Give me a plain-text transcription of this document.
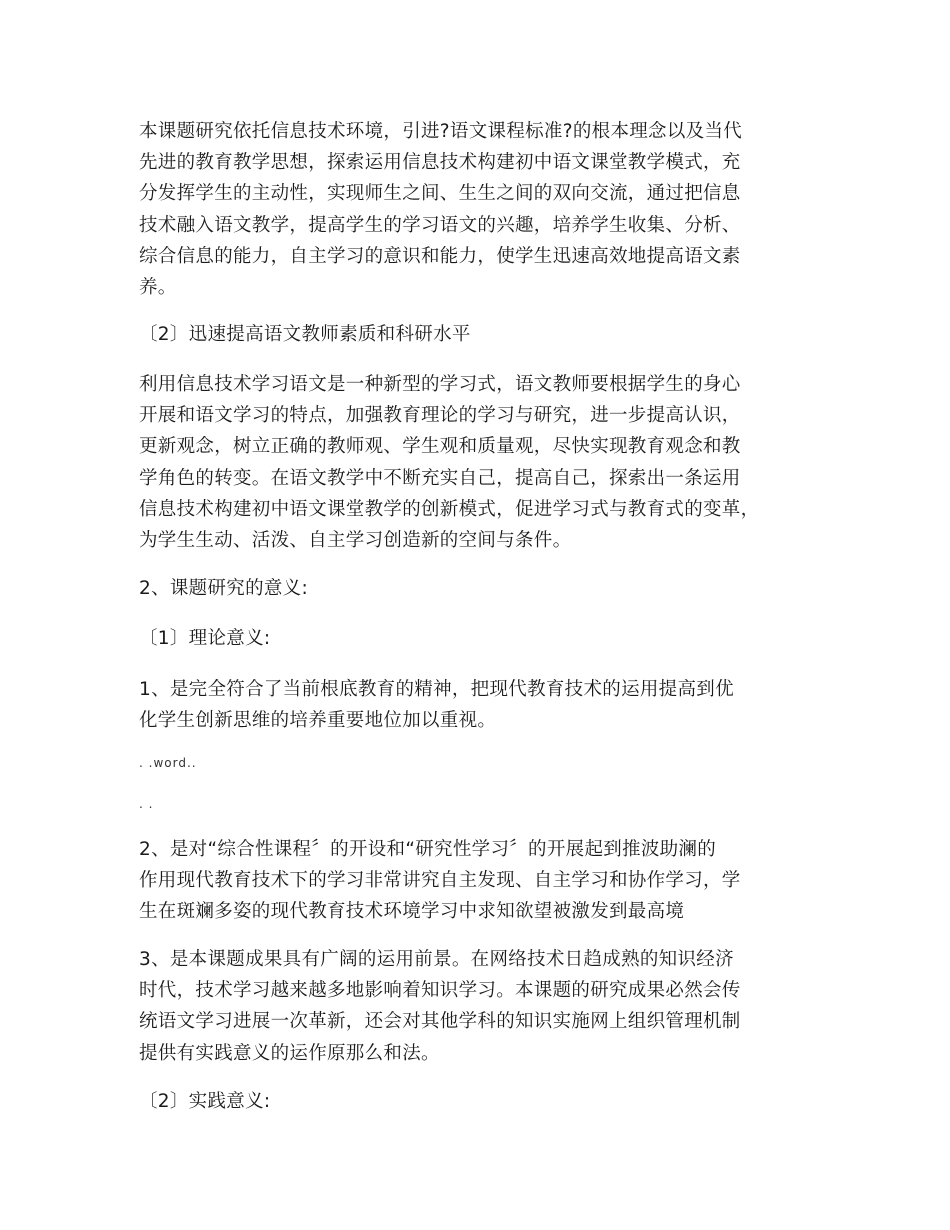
本课题研究依托信息技术环境，引进?语文课程标准?的根本理念以及当代
先进的教育教学思想，探索运用信息技术构建初中语文课堂教学模式，充
分发挥学生的主动性，实现师生之间、生生之间的双向交流，通过把信息
技术融入语文教学，提高学生的学习语文的兴趣，培养学生收集、分析、
综合信息的能力，自主学习的意识和能力，使学生迅速高效地提高语文素
养。

〔2〕迅速提高语文教师素质和科研水平

利用信息技术学习语文是一种新型的学习式，语文教师要根据学生的身心
开展和语文学习的特点，加强教育理论的学习与研究，进一步提高认识，
更新观念，树立正确的教师观、学生观和质量观，尽快实现教育观念和教
学角色的转变。在语文教学中不断充实自己，提高自己，探索出一条运用
信息技术构建初中语文课堂教学的创新模式，促进学习式与教育式的变革，
为学生生动、活泼、自主学习创造新的空间与条件。

2、课题研究的意义:

〔1〕理论意义:

1、是完全符合了当前根底教育的精神，把现代教育技术的运用提高到优
化学生创新思维的培养重要地位加以重视。

. .word..

. .

2、是对“综合性课程〞的开设和“研究性学习〞的开展起到推波助澜的
作用现代教育技术下的学习非常讲究自主发现、自主学习和协作学习，学
生在斑斓多姿的现代教育技术环境学习中求知欲望被激发到最高境

3、是本课题成果具有广阔的运用前景。在网络技术日趋成熟的知识经济
时代，技术学习越来越多地影响着知识学习。本课题的研究成果必然会传
统语文学习进展一次革新，还会对其他学科的知识实施网上组织管理机制
提供有实践意义的运作原那么和法。

〔2〕实践意义:
